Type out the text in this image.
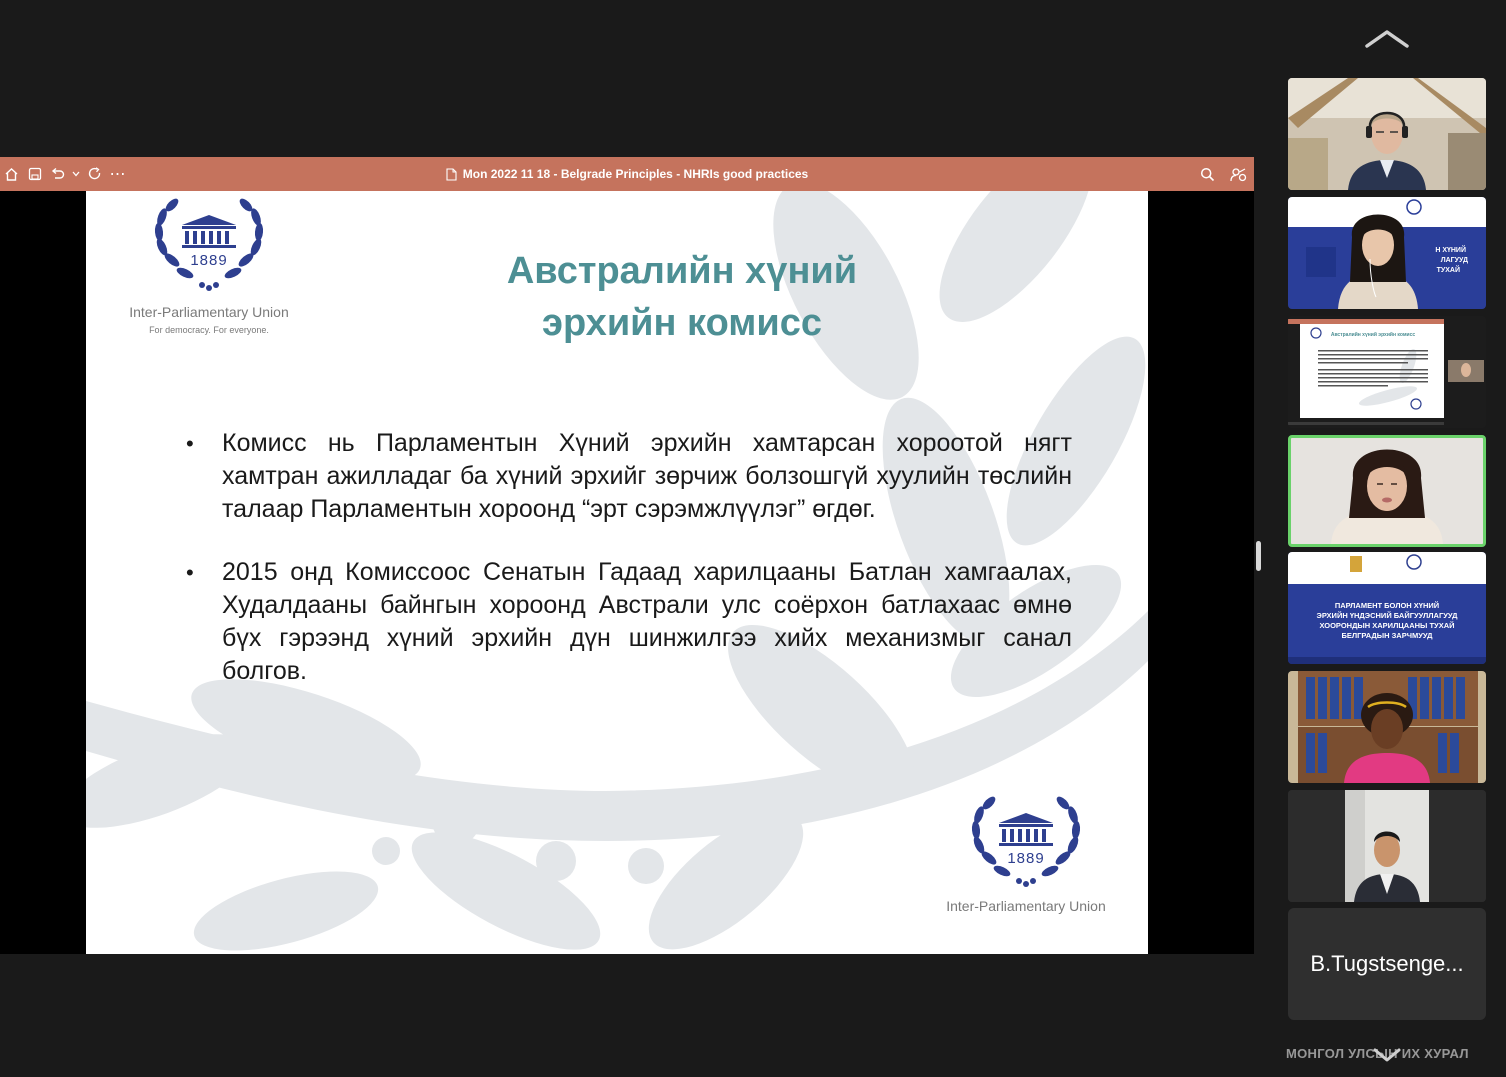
⋯	Mon 2022 11 18 - Belgrade Principles - NHRIs good practices
1889
Inter-Parliamentary Union
For democracy. For everyone.
Австралийн хүний
эрхийн комисс
• Комисс нь Парламентын Хүний эрхийн хамтарсан хороотой нягт хамтран ажилладаг ба хүний эрхийг зөрчиж болзошгүй хуулийн төслийн талаар Парламентын хороонд “эрт сэрэмжлүүлэг” өгдөг.
• 2015 онд Комиссоос Сенатын Гадаад харилцааны Батлан хамгаалах, Худалдааны байнгын хороонд Австрали улс соёрхон батлахаас өмнө бүх гэрээнд хүний эрхийн дүн шинжилгээ хийх механизмыг санал болгов.
1889
Inter-Parliamentary Union
Н ХҮНИЙ
ЛАГУУД
ТУХАЙ
Австралийн хүний эрхийн комисс
ПАРЛАМЕНТ БОЛОН ХҮНИЙ
ЭРХИЙН ҮНДЭСНИЙ БАЙГУУЛЛАГУУД
ХООРОНДЫН ХАРИЛЦААНЫ ТУХАЙ
БЕЛГРАДЫН ЗАРЧМУУД
B.Tugstsenge...
МОНГОЛ УЛСЫН ИХ ХУРАЛ
